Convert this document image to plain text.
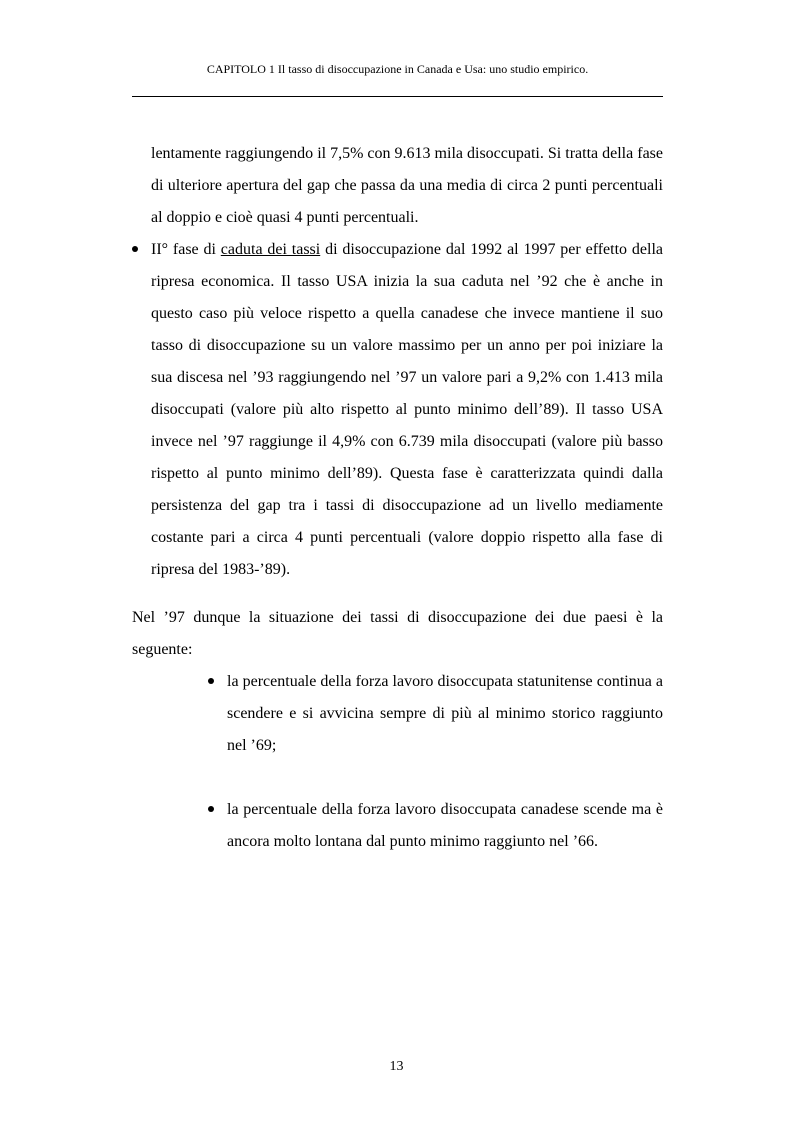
CAPITOLO 1 Il tasso di disoccupazione in Canada e Usa: uno studio empirico.
lentamente raggiungendo il 7,5% con 9.613 mila disoccupati. Si tratta della fase di ulteriore apertura del gap che passa da una media di circa 2 punti percentuali al doppio e cioè quasi 4 punti percentuali.
II° fase di caduta dei tassi di disoccupazione dal 1992 al 1997 per effetto della ripresa economica. Il tasso USA inizia la sua caduta nel ’92 che è anche in questo caso più veloce rispetto a quella canadese che invece mantiene il suo tasso di disoccupazione su un valore massimo per un anno per poi iniziare la sua discesa nel ’93 raggiungendo nel ’97 un valore pari a 9,2% con 1.413 mila disoccupati (valore più alto rispetto al punto minimo dell’89). Il tasso USA invece nel ’97 raggiunge il 4,9% con 6.739 mila disoccupati (valore più basso rispetto al punto minimo dell’89). Questa fase è caratterizzata quindi dalla persistenza del gap tra i tassi di disoccupazione ad un livello mediamente costante pari a circa 4 punti percentuali (valore doppio rispetto alla fase di ripresa del 1983-’89).
Nel ’97 dunque la situazione dei tassi di disoccupazione dei due paesi è la seguente:
la percentuale della forza lavoro disoccupata statunitense continua a scendere e si avvicina sempre di più al minimo storico raggiunto nel ’69;
la percentuale della forza lavoro disoccupata canadese scende ma è ancora molto lontana dal punto minimo raggiunto nel ’66.
13
